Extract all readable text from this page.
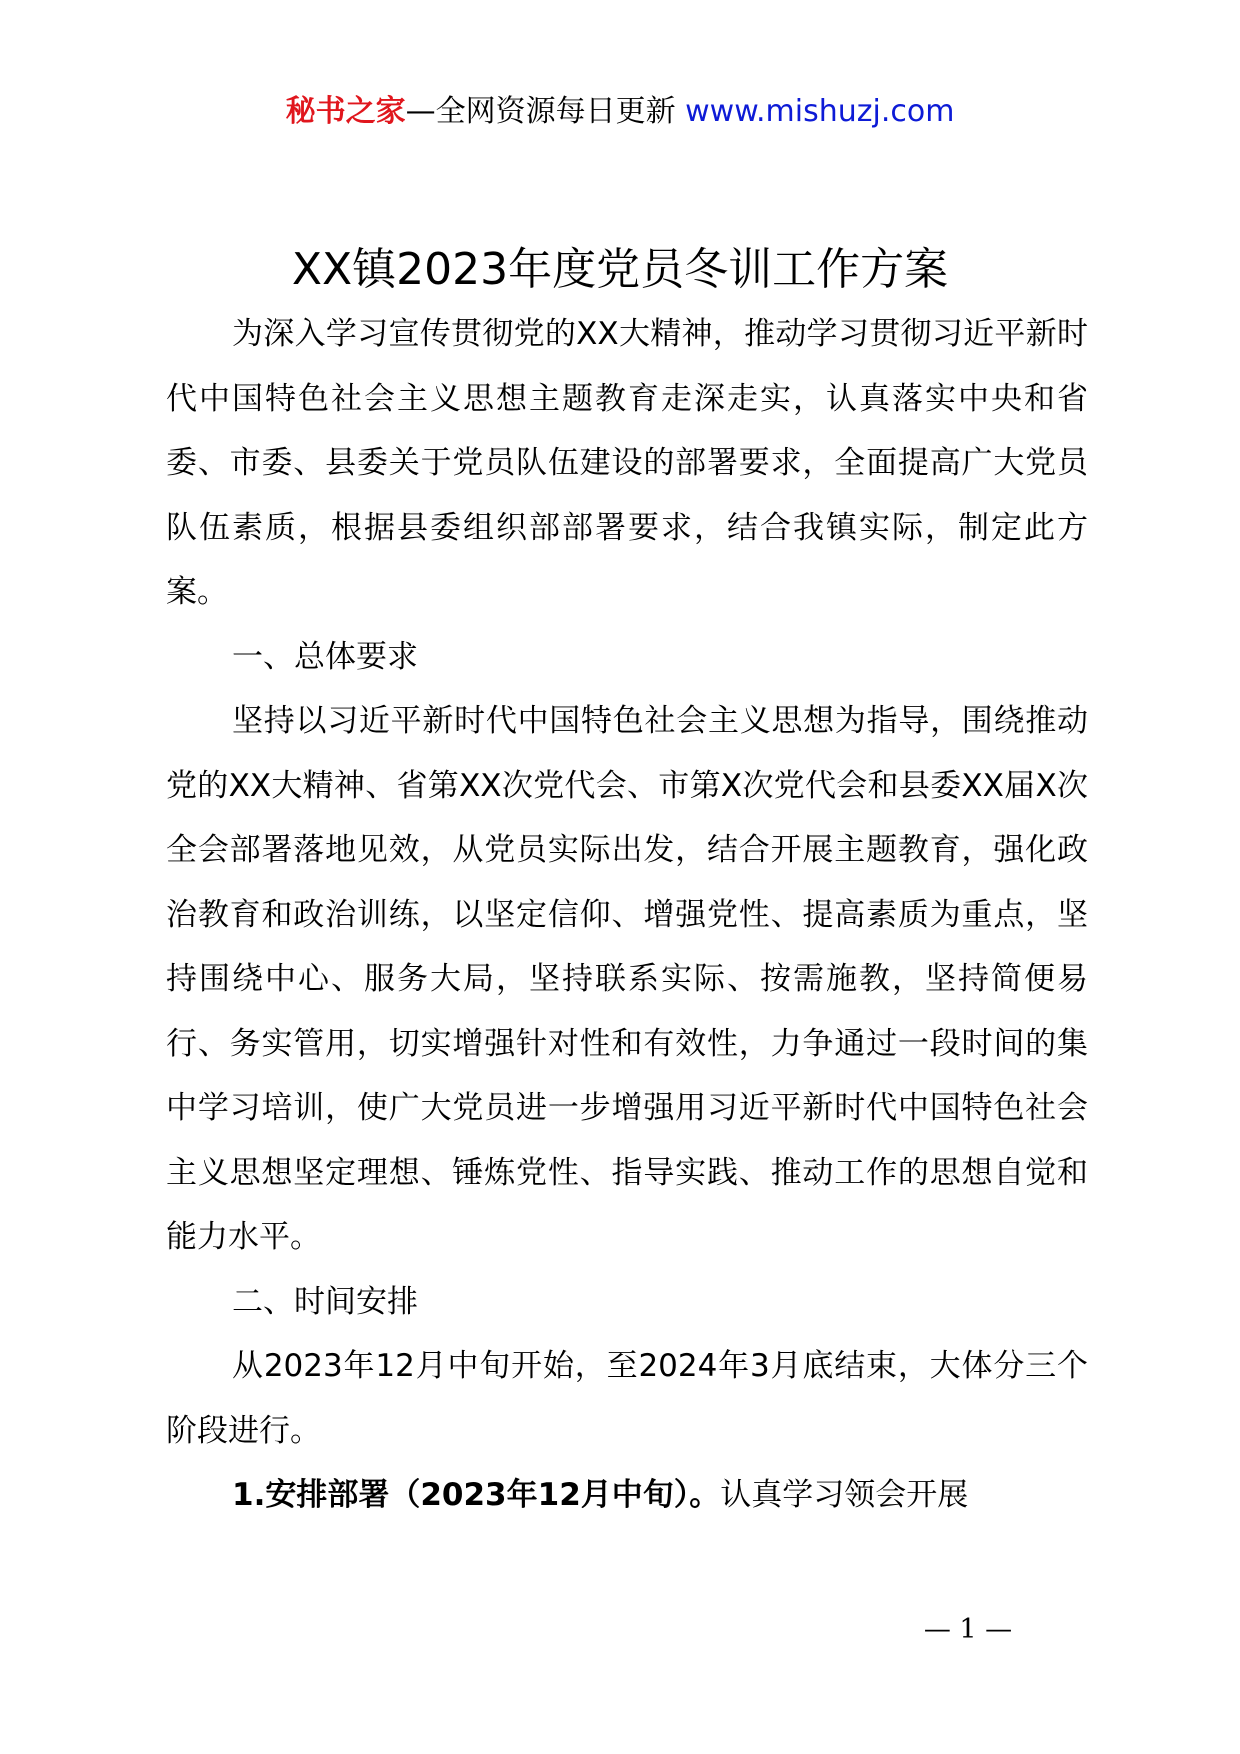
秘书之家—全网资源每日更新 www.mishuzj.com
XX镇2023年度党员冬训工作方案

为深入学习宣传贯彻党的XX大精神，推动学习贯彻习近平新时代中国特色社会主义思想主题教育走深走实，认真落实中央和省委、市委、县委关于党员队伍建设的部署要求，全面提高广大党员队伍素质，根据县委组织部部署要求，结合我镇实际，制定此方案。

一、总体要求

坚持以习近平新时代中国特色社会主义思想为指导，围绕推动党的XX大精神、省第XX次党代会、市第X次党代会和县委XX届X次全会部署落地见效，从党员实际出发，结合开展主题教育，强化政治教育和政治训练，以坚定信仰、增强党性、提高素质为重点，坚持围绕中心、服务大局，坚持联系实际、按需施教，坚持简便易行、务实管用，切实增强针对性和有效性，力争通过一段时间的集中学习培训，使广大党员进一步增强用习近平新时代中国特色社会主义思想坚定理想、锤炼党性、指导实践、推动工作的思想自觉和能力水平。

二、时间安排

从2023年12月中旬开始，至2024年3月底结束，大体分三个阶段进行。

1.安排部署（2023年12月中旬）。认真学习领会开展

— 1 —
